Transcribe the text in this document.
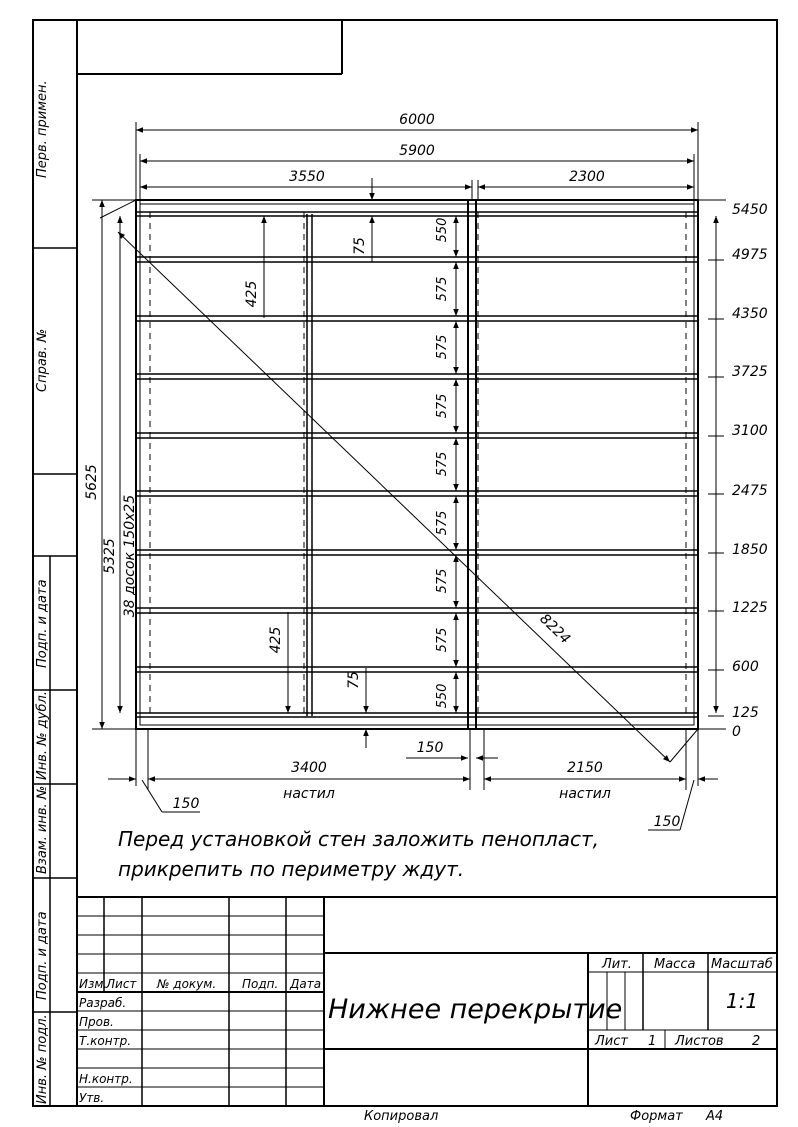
Перв. примен.
Справ. №
Подп. и дата
Инв. № дубл.
Взам. инв. №
Подп. и дата
Инв. № подл.
6000
5900
3550	2300
5625
5325 38 досок 150x25
75
75
425
425
550
575
575
575
575
575
575
575
550
8224
150
3400	2150
настил	настил
150
150
5450
4975
4350
3725
3100
2475
1850
1225
600
125
0
Перед установкой стен заложить пенопласт,
прикрепить по периметру ждут.
Изм.
Лист № докум. Подп. Дата
Разраб.
Пров.
Т.контр.
Н.контр.
Утв.
Нижнее перекрытие
Лит. Масса Масштаб
1:1
Лист 1 Листов 2
Копировал	Формат А4
